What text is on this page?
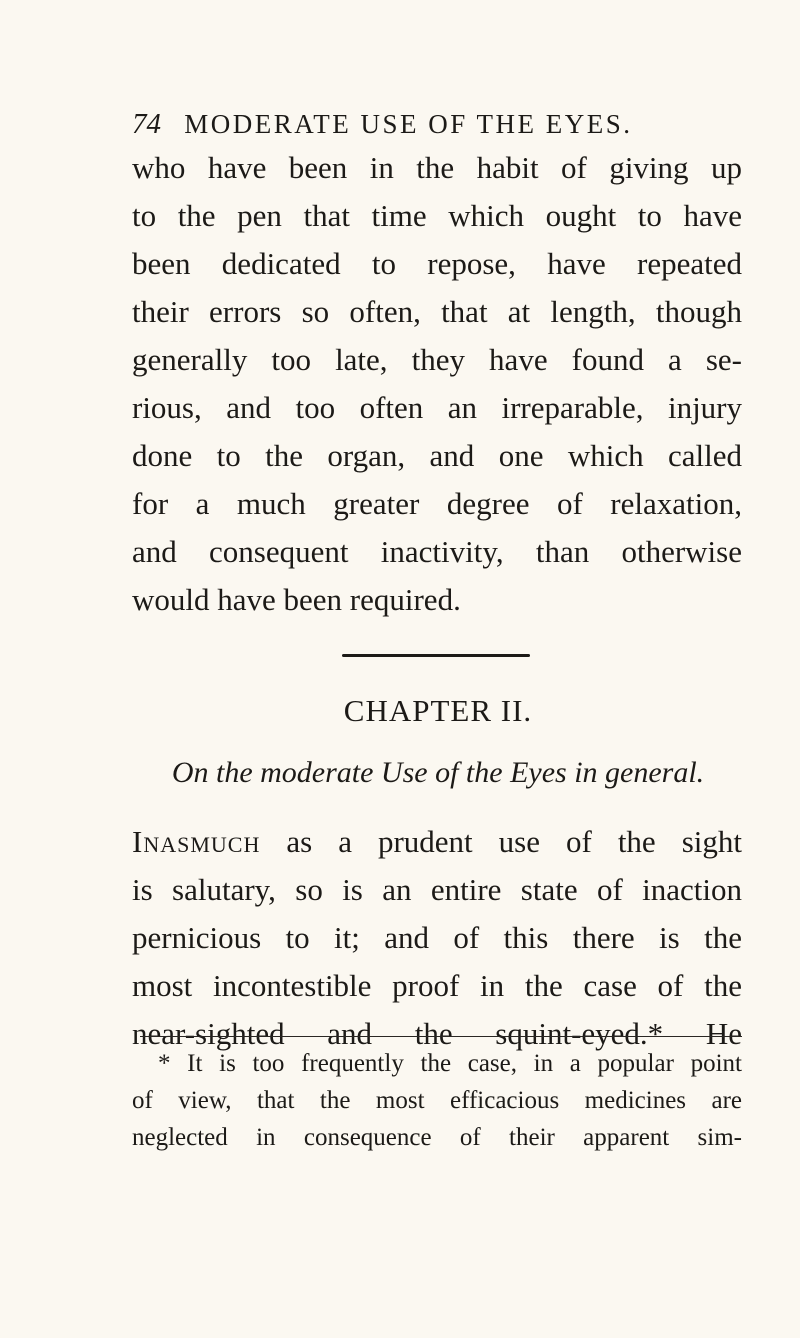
74 MODERATE USE OF THE EYES.
who have been in the habit of giving up
to the pen that time which ought to have
been dedicated to repose, have repeated
their errors so often, that at length, though
generally too late, they have found a se-
rious, and too often an irreparable, injury
done to the organ, and one which called
for a much greater degree of relaxation,
and consequent inactivity, than otherwise
would have been required.
CHAPTER II.
On the moderate Use of the Eyes in general.
Inasmuch as a prudent use of the sight
is salutary, so is an entire state of inaction
pernicious to it; and of this there is the
most incontestible proof in the case of the
near-sighted and the squint-eyed.* He
* It is too frequently the case, in a popular point
of view, that the most efficacious medicines are
neglected in consequence of their apparent sim-
